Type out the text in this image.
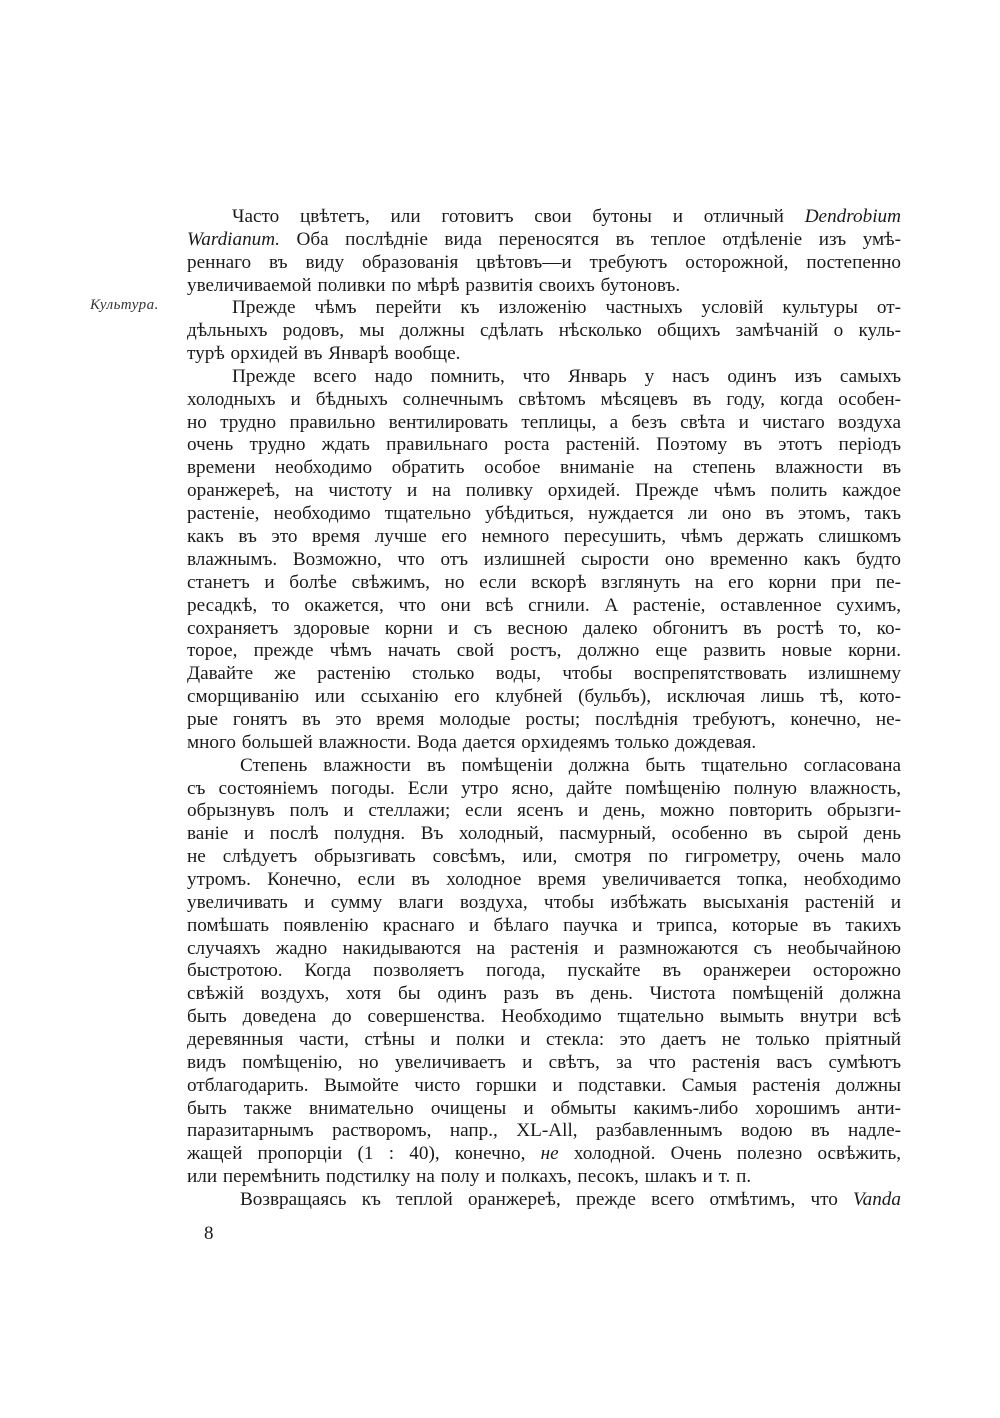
Культура.
Часто цвѣтетъ, или готовитъ свои бутоны и отличный Dendrobium
Wardianum. Оба послѣдніе вида переносятся въ теплое отдѣленіе изъ умѣ-
реннаго въ виду образованія цвѣтовъ—и требуютъ осторожной, постепенно
увеличиваемой поливки по мѣрѣ развитія своихъ бутоновъ.
Прежде чѣмъ перейти къ изложенію частныхъ условій культуры от-
дѣльныхъ родовъ, мы должны сдѣлать нѣсколько общихъ замѣчаній о куль-
турѣ орхидей въ Январѣ вообще.
Прежде всего надо помнить, что Январь у насъ одинъ изъ самыхъ
холодныхъ и бѣдныхъ солнечнымъ свѣтомъ мѣсяцевъ въ году, когда особен-
но трудно правильно вентилировать теплицы, а безъ свѣта и чистаго воздуха
очень трудно ждать правильнаго роста растеній. Поэтому въ этотъ періодъ
времени необходимо обратить особое вниманіе на степень влажности въ
оранжереѣ, на чистоту и на поливку орхидей. Прежде чѣмъ полить каждое
растеніе, необходимо тщательно убѣдиться, нуждается ли оно въ этомъ, такъ
какъ въ это время лучше его немного пересушить, чѣмъ держать слишкомъ
влажнымъ. Возможно, что отъ излишней сырости оно временно какъ будто
станетъ и болѣе свѣжимъ, но если вскорѣ взглянуть на его корни при пе-
ресадкѣ, то окажется, что они всѣ сгнили. А растеніе, оставленное сухимъ,
сохраняетъ здоровые корни и съ весною далеко обгонитъ въ ростѣ то, ко-
торое, прежде чѣмъ начать свой ростъ, должно еще развить новые корни.
Давайте же растенію столько воды, чтобы воспрепятствовать излишнему
сморщиванію или ссыханію его клубней (бульбъ), исключая лишь тѣ, кото-
рые гонятъ въ это время молодые росты; послѣднія требуютъ, конечно, не-
много большей влажности. Вода дается орхидеямъ только дождевая.
Степень влажности въ помѣщеніи должна быть тщательно согласована
съ состояніемъ погоды. Если утро ясно, дайте помѣщенію полную влажность,
обрызнувъ полъ и стеллажи; если ясенъ и день, можно повторить обрызги-
ваніе и послѣ полудня. Въ холодный, пасмурный, особенно въ сырой день
не слѣдуетъ обрызгивать совсѣмъ, или, смотря по гигрометру, очень мало
утромъ. Конечно, если въ холодное время увеличивается топка, необходимо
увеличивать и сумму влаги воздуха, чтобы избѣжать высыханія растеній и
помѣшать появленію краснаго и бѣлаго паучка и трипса, которые въ такихъ
случаяхъ жадно накидываются на растенія и размножаются съ необычайною
быстротою. Когда позволяетъ погода, пускайте въ оранжереи осторожно
свѣжій воздухъ, хотя бы одинъ разъ въ день. Чистота помѣщеній должна
быть доведена до совершенства. Необходимо тщательно вымыть внутри всѣ
деревянныя части, стѣны и полки и стекла: это даетъ не только пріятный
видъ помѣщенію, но увеличиваетъ и свѣтъ, за что растенія васъ сумѣютъ
отблагодарить. Вымойте чисто горшки и подставки. Самыя растенія должны
быть также внимательно очищены и обмыты какимъ-либо хорошимъ анти-
паразитарнымъ растворомъ, напр., XL-All, разбавленнымъ водою въ надле-
жащей пропорціи (1 : 40), конечно, не холодной. Очень полезно освѣжить,
или перемѣнить подстилку на полу и полкахъ, песокъ, шлакъ и т. п.
Возвращаясь къ теплой оранжереѣ, прежде всего отмѣтимъ, что Vanda
8
